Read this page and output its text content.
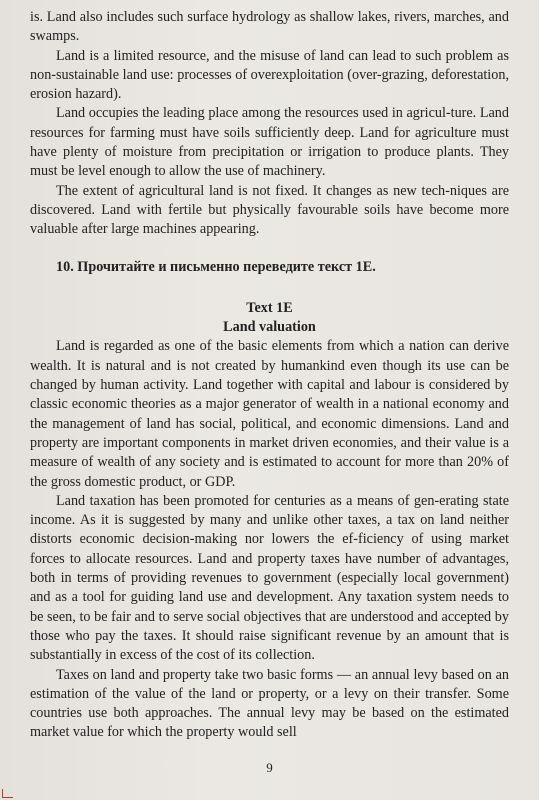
is. Land also includes such surface hydrology as shallow lakes, rivers, marches, and swamps.

Land is a limited resource, and the misuse of land can lead to such problem as non-sustainable land use: processes of overexploitation (over-grazing, deforestation, erosion hazard).

Land occupies the leading place among the resources used in agricul-ture. Land resources for farming must have soils sufficiently deep. Land for agriculture must have plenty of moisture from precipitation or irrigation to produce plants. They must be level enough to allow the use of machinery.

The extent of agricultural land is not fixed. It changes as new tech-niques are discovered. Land with fertile but physically favourable soils have become more valuable after large machines appearing.

10. Прочитайте и письменно переведите текст 1Е.
Text 1E
Land valuation

Land is regarded as one of the basic elements from which a nation can derive wealth. It is natural and is not created by humankind even though its use can be changed by human activity. Land together with capital and labour is considered by classic economic theories as a major generator of wealth in a national economy and the management of land has social, political, and economic dimensions. Land and property are important components in market driven economies, and their value is a measure of wealth of any society and is estimated to account for more than 20% of the gross domestic product, or GDP.

Land taxation has been promoted for centuries as a means of gen-erating state income. As it is suggested by many and unlike other taxes, a tax on land neither distorts economic decision-making nor lowers the ef-ficiency of using market forces to allocate resources. Land and property taxes have number of advantages, both in terms of providing revenues to government (especially local government) and as a tool for guiding land use and development. Any taxation system needs to be seen, to be fair and to serve social objectives that are understood and accepted by those who pay the taxes. It should raise significant revenue by an amount that is substantially in excess of the cost of its collection.

Taxes on land and property take two basic forms — an annual levy based on an estimation of the value of the land or property, or a levy on their transfer. Some countries use both approaches. The annual levy may be based on the estimated market value for which the property would sell

9
